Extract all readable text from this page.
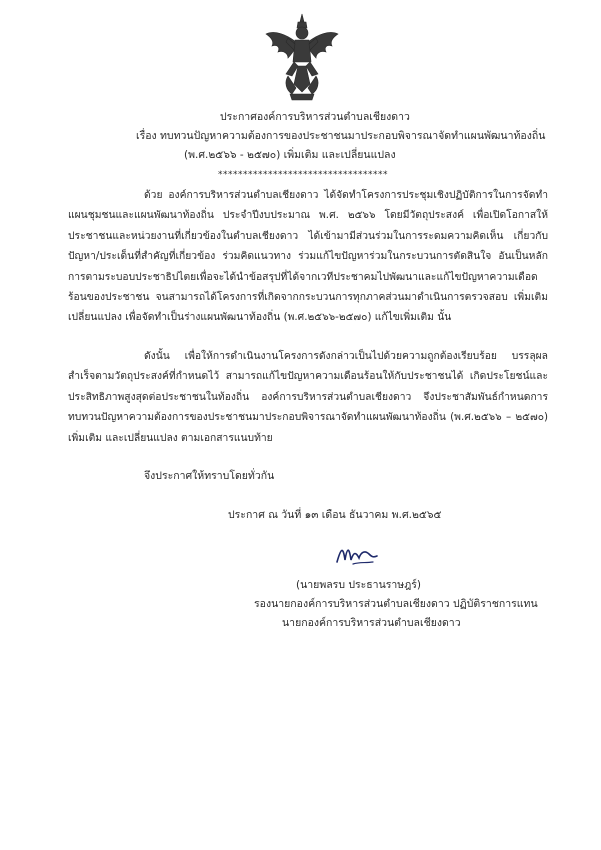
ประกาศองค์การบริหารส่วนตำบลเชียงดาว
เรื่อง ทบทวนปัญหาความต้องการของประชาชนมาประกอบพิจารณาจัดทำแผนพัฒนาท้องถิ่น
(พ.ศ.๒๕๖๖ - ๒๕๗๐) เพิ่มเติม และเปลี่ยนแปลง
**********************************
ด้วย องค์การบริหารส่วนตำบลเชียงดาว ได้จัดทำโครงการประชุมเชิงปฏิบัติการในการจัดทำแผนชุมชนและแผนพัฒนาท้องถิ่น ประจำปีงบประมาณ พ.ศ. ๒๕๖๖ โดยมีวัตถุประสงค์ เพื่อเปิดโอกาสให้ประชาชนและหน่วยงานที่เกี่ยวข้องในตำบลเชียงดาว ได้เข้ามามีส่วนร่วมในการระดมความคิดเห็น เกี่ยวกับปัญหา/ประเด็นที่สำคัญที่เกี่ยวข้อง ร่วมคิดแนวทาง ร่วมแก้ไขปัญหาร่วมในกระบวนการตัดสินใจ อันเป็นหลักการตามระบอบประชาธิปไตยเพื่อจะได้นำข้อสรุปที่ได้จากเวทีประชาคมไปพัฒนาและแก้ไขปัญหาความเดือดร้อนของประชาชน จนสามารถได้โครงการที่เกิดจากกระบวนการทุกภาคส่วนมาดำเนินการตรวจสอบ เพิ่มเติม เปลี่ยนแปลง เพื่อจัดทำเป็นร่างแผนพัฒนาท้องถิ่น (พ.ศ.๒๕๖๖-๒๕๗๐) แก้ไขเพิ่มเติม นั้น
ดังนั้น เพื่อให้การดำเนินงานโครงการดังกล่าวเป็นไปด้วยความถูกต้องเรียบร้อย บรรลุผลสำเร็จตามวัตถุประสงค์ที่กำหนดไว้ สามารถแก้ไขปัญหาความเดือนร้อนให้กับประชาชนได้ เกิดประโยชน์และประสิทธิภาพสูงสุดต่อประชาชนในท้องถิ่น องค์การบริหารส่วนตำบลเชียงดาว จึงประชาสัมพันธ์กำหนดการทบทวนปัญหาความต้องการของประชาชนมาประกอบพิจารณาจัดทำแผนพัฒนาท้องถิ่น (พ.ศ.๒๕๖๖ – ๒๕๗๐) เพิ่มเติม และเปลี่ยนแปลง ตามเอกสารแนบท้าย
จึงประกาศให้ทราบโดยทั่วกัน
ประกาศ ณ วันที่ ๑๓ เดือน ธันวาคม พ.ศ.๒๕๖๕
(นายพลรบ ประธานราษฎร์)
รองนายกองค์การบริหารส่วนตำบลเชียงดาว ปฏิบัติราชการแทน
นายกองค์การบริหารส่วนตำบลเชียงดาว
